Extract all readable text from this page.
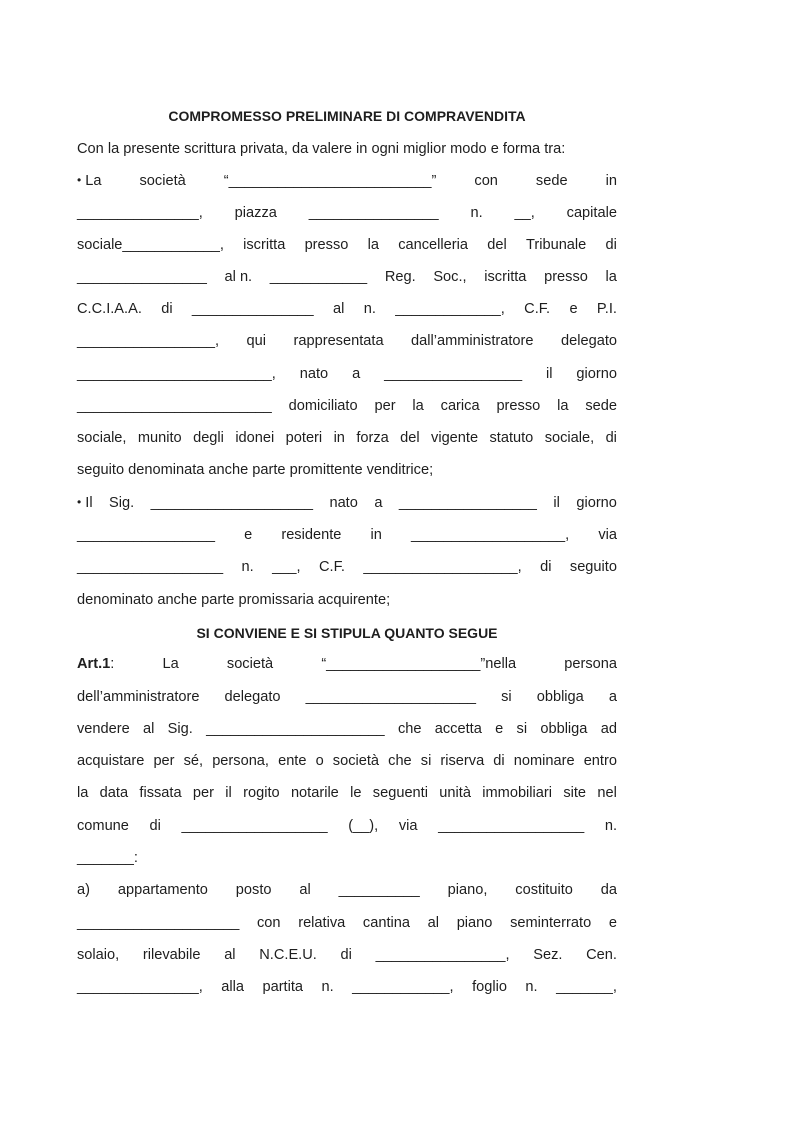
COMPROMESSO PRELIMINARE DI COMPRAVENDITA
Con la presente scrittura privata, da valere in ogni miglior modo e forma tra:
• La	società	“_________________________”	con	sede	in
_______________, piazza ________________ n. __, capitale
sociale____________, iscritta presso la cancelleria del Tribunale di
________________ al n. ____________ Reg. Soc., iscritta presso la
C.C.I.A.A. di _______________ al n. _____________, C.F. e P.I.
_________________, qui rappresentata dall’amministratore delegato
________________________, nato a _________________ il giorno
________________________ domiciliato per la carica presso la sede
sociale, munito degli idonei poteri in forza del vigente statuto sociale, di
seguito denominata anche parte promittente venditrice;
• Il Sig. ____________________ nato a _________________ il giorno
_________________ e residente in ___________________, via
__________________ n. ___, C.F. ___________________, di seguito
denominato anche parte promissaria acquirente;
SI CONVIENE E SI STIPULA QUANTO SEGUE
Art.1:	La	società	“___________________”nella	persona
dell’amministratore delegato _____________________ si obbliga a
vendere al Sig. ______________________ che accetta e si obbliga ad
acquistare per sé, persona, ente o società che si riserva di nominare entro
la data fissata per il rogito notarile le seguenti unità immobiliari site nel
comune di __________________ (__), via __________________ n.
_______:
a) appartamento posto al __________ piano, costituito da
____________________ con relativa cantina al piano seminterrato e
solaio, rilevabile al N.C.E.U. di ________________, Sez. Cen.
_______________, alla partita n. ____________, foglio n. _______,
